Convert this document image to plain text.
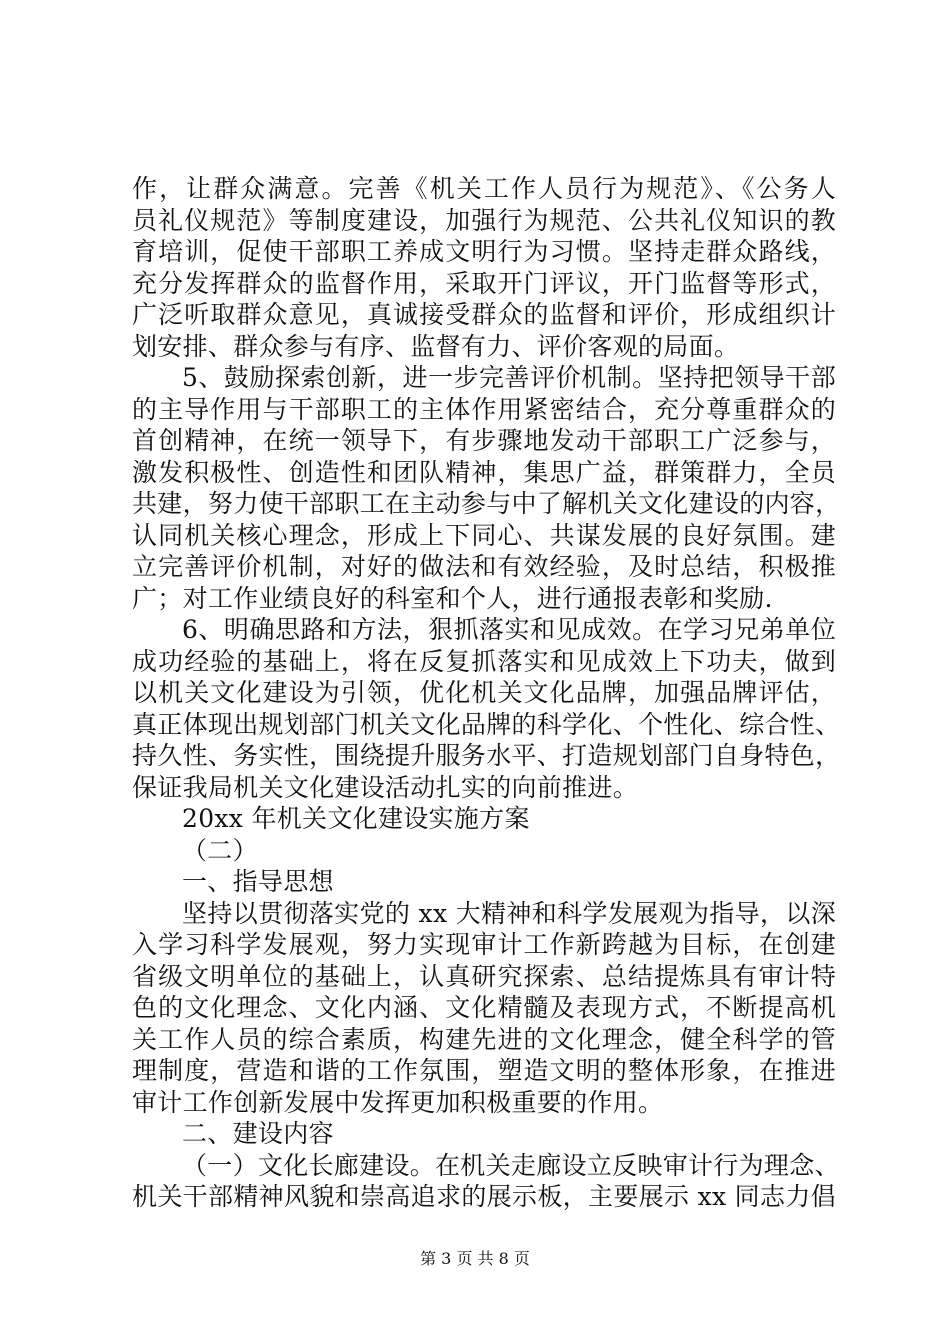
作，让群众满意。完善《机关工作人员行为规范》、《公务人
员礼仪规范》等制度建设，加强行为规范、公共礼仪知识的教
育培训，促使干部职工养成文明行为习惯。坚持走群众路线，
充分发挥群众的监督作用，采取开门评议，开门监督等形式，
广泛听取群众意见，真诚接受群众的监督和评价，形成组织计
划安排、群众参与有序、监督有力、评价客观的局面。
5、鼓励探索创新，进一步完善评价机制。坚持把领导干部
的主导作用与干部职工的主体作用紧密结合，充分尊重群众的
首创精神，在统一领导下，有步骤地发动干部职工广泛参与，
激发积极性、创造性和团队精神，集思广益，群策群力，全员
共建，努力使干部职工在主动参与中了解机关文化建设的内容，
认同机关核心理念，形成上下同心、共谋发展的良好氛围。建
立完善评价机制，对好的做法和有效经验，及时总结，积极推
广；对工作业绩良好的科室和个人，进行通报表彰和奖励.
6、明确思路和方法，狠抓落实和见成效。在学习兄弟单位
成功经验的基础上，将在反复抓落实和见成效上下功夫，做到
以机关文化建设为引领，优化机关文化品牌，加强品牌评估，
真正体现出规划部门机关文化品牌的科学化、个性化、综合性、
持久性、务实性，围绕提升服务水平、打造规划部门自身特色，
保证我局机关文化建设活动扎实的向前推进。
20xx 年机关文化建设实施方案
（二）
一、指导思想
坚持以贯彻落实党的 xx 大精神和科学发展观为指导，以深
入学习科学发展观，努力实现审计工作新跨越为目标，在创建
省级文明单位的基础上，认真研究探索、总结提炼具有审计特
色的文化理念、文化内涵、文化精髓及表现方式，不断提高机
关工作人员的综合素质，构建先进的文化理念，健全科学的管
理制度，营造和谐的工作氛围，塑造文明的整体形象，在推进
审计工作创新发展中发挥更加积极重要的作用。
二、建设内容
（一）文化长廊建设。在机关走廊设立反映审计行为理念、
机关干部精神风貌和崇高追求的展示板，主要展示 xx 同志力倡
第 3 页 共 8 页
